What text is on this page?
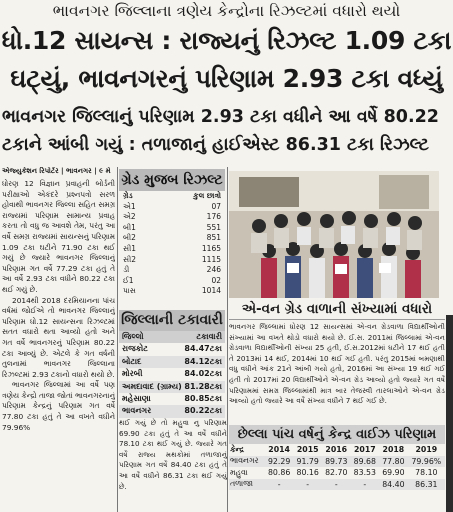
ભાવનગર જિલ્લાના ત્રણેય કેન્દ્રોના રિઝલ્ટમાં વધારો થયો
ધો.12 સાયન્સ : રાજ્યનું રિઝલ્ટ 1.09 ટકા
ઘટ્યું, ભાવનગરનું પરિણામ 2.93 ટકા વધ્યું
ભાવનગર જિલ્લાનું પરિણામ 2.93 ટકા વધીને આ વર્ષે 80.22
ટકાને આંબી ગયું : તળાજાનું હાઈએસ્ટ 86.31 ટકા રિઝલ્ટ
એજ્યુકેશન રિપોર્ટર | ભાવનગર | ૯ મે

ધોરણ 12 વિજ્ઞાન પ્રવાહની બોર્ડની પરીક્ષાઓ એકંદરે પ્રશ્નપત્રો સરળ હોવાથી ભાવનગર જિલ્લા સહિત સમગ્ર રાજ્યમાં પરિણામ સામાન્ય પ્રવાહ કરતા તો વધુ જ આવશે તેમ, પરંતુ આ વર્ષે સમગ્ર રાજ્યમાં સાયન્સનું પરિણામ 1.09 ટકા ઘટીને 71.90 ટકા થઈ ગયું છે જ્યારે ભાવનગર જિલ્લાનું પરિણામ ગત વર્ષે 77.29 ટકા હતું તે આ વર્ષે 2.93 ટકા વધીને 80.22 ટકા થઈ ગયું છે.

2014થી 2018 દરમિયાનના પાંચ વર્ષમાં જોઈએ તો ભાવનગર જિલ્લાનું પરિણામ ધો.12 સાયન્સના રિઝલ્ટમાં સતત વધારો થતા આવ્યો હતો અને ગત વર્ષે ભાવનગરનું પરિણામ 80.22 ટકા આવ્યું છે. એટલે કે ગત વર્ષની તુલનામાં ભાવનગર જિલ્લાના રિઝલ્ટમાં 2.93 ટકાનો વધારો થયો છે.

ભાવનગર જિલ્લામાં આ વર્ષે પણ ત્રણેય કેન્દ્રો તાજા જોતાં ભાવનગરનાનું પરિણામ કેન્દ્રનું પરિણામ ગત વર્ષે 77.80 ટકા હતું તે આ વખતે વધીને 79.96%

ગ્રેડ મુજબ રિઝલ્ટ
ગ્રેડ	કુલ છાત્રો
એ1	07
એ2	176
બી1	551
બી2	851
સી1	1165
સી2	1115
ડી	246
ઈ1	02
પાસ	1014
જિલ્લાની ટકાવારી
જિલ્લો	ટકાવારી
રાજકોટ	84.47ટકા
બોટાદ	84.12ટકા
મોરબી	84.02ટકા
અમદાવાદ (ગ્રામ્ય) 81.28ટકા
મહેસાણા	80.85ટકા
ભાવનગર	80.22ટકા
થઈ ગયું છે તો મહુવા નુ પરિણામ 69.90 ટકા હતું તે આ વર્ષે વધીને 78.10 ટકા થઈ ગયું છે. જ્યારે ગત વર્ષે રાજ્ય મથકોમાં તળાજાનું પરિણામ ગત વર્ષે 84.40 ટકા હતું તે આ વર્ષે વધીને 86.31 ટકા થઈ ગયું છે.
એ-વન ગ્રેડ વાળાની સંખ્યામાં વધારો
ભાવનગર જિલ્લામાં ધોરણ 12 સાયન્સમાં એ-વન ગ્રેડવાળા વિદ્યાર્થીઓની સંખ્યામાં આ વખતે થોડો વધારો થયો છે. ઈ.સ. 2011માં જિલ્લામાં એ-વન ગ્રેડવાળા વિદ્યાર્થીઓની સંખ્યા 25 હતી, ઈ.સ.2012માં ઘટીને 17 થઈ હતી તે 2013માં 14 થઈ, 2014માં 10 થઈ ગઈ હતી. પરંતુ 2015માં બમણાથી વધુ વધીને આંક 21ને આંબી ગયો હતો, 2016માં આ સંખ્યા 19 થઈ ગઈ હતી તો 2017માં 20 વિદ્યાર્થીઓને એ-વન ગ્રેડ આવ્યો હતો જ્યારે ગત વર્ષે પરિણામમાં સમગ્ર જિલ્લામાંથી માત્ર બાર તેજસ્વી તારલાઓને એ-વન ગ્રેડ આવ્યો હતો જ્યારે આ વર્ષે સંખ્યા વધીને 7 થઈ ગઈ છે.
છેલ્લા પાંચ વર્ષનું કેન્દ્ર વાઈઝ પરિણામ
કેન્દ્ર	2014	2015	2016	2017	2018	2019
ભાવનગર	92.29	91.79	89.73	89.68	77.80	79.96%
મહુવા	80.86	80.16	82.70	83.53	69.90	78.10
તળાજા	-	-	-	-	84.40	86.31
